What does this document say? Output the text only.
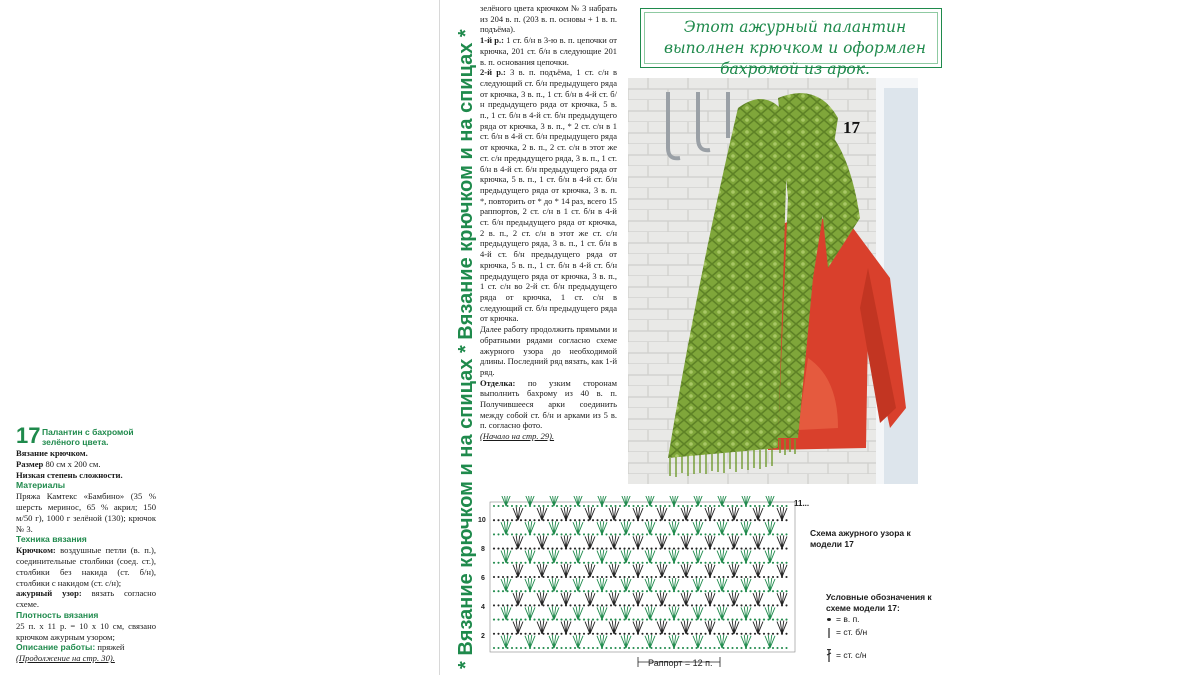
17 Палантин с бахромой зелёного цвета.

Вязание крючком.

Размер 80 см х 200 см.

Низкая степень сложности.

Материалы

Пряжа Камтекс «Бамбино» (35 % шерсть меринос, 65 % акрил; 150 м/50 г), 1000 г зелёной (130); крючок № 3.

Техника вязания

Крючком: воздушные петли (в. п.), соединительные столбики (соед. ст.), столбики без накида (ст. б/н), столбики с накидом (ст. с/н);

ажурный узор: вязать согласно схеме.

Плотность вязания

25 п. х 11 р. = 10 х 10 см, связано крючком ажурным узором;

Описание работы: пряжей

(Продолжение на стр. 30).	* Вязание крючком и на спицах * Вязание крючком и на спицах *

зелёного цвета крючком № 3 набрать из 204 в. п. (203 в. п. основы + 1 в. п. подъёма).

1-й р.: 1 ст. б/н в 3-ю в. п. цепочки от крючка, 201 ст. б/н в следующие 201 в. п. основания цепочки.

2-й р.: 3 в. п. подъёма, 1 ст. с/н в следующий ст. б/н предыдущего ряда от крючка, 3 в. п., 1 ст. б/н в 4-й ст. б/н предыдущего ряда от крючка, 5 в. п., 1 ст. б/н в 4-й ст. б/н предыдущего ряда от крючка, 3 в. п., * 2 ст. с/н в 1 ст. б/н в 4-й ст. б/н предыдущего ряда от крючка, 2 в. п., 2 ст. с/н в этот же ст. с/н предыдущего ряда, 3 в. п., 1 ст. б/н в 4-й ст. б/н предыдущего ряда от крючка, 5 в. п., 1 ст. б/н в 4-й ст. б/н предыдущего ряда от крючка, 3 в. п. *, повторить от * до * 14 раз, всего 15 раппортов, 2 ст. с/н в 1 ст. б/н в 4-й ст. б/н предыдущего ряда от крючка, 2 в. п., 2 ст. с/н в этот же ст. с/н предыдущего ряда, 3 в. п., 1 ст. б/н в 4-й ст. б/н предыдущего ряда от крючка, 5 в. п., 1 ст. б/н в 4-й ст. б/н предыдущего ряда от крючка, 3 в. п., 1 ст. с/н во 2-й ст. б/н предыдущего ряда от крючка, 1 ст. с/н в следующий ст. б/н предыдущего ряда от крючка.

Далее работу продолжить прямыми и обратными рядами согласно схеме ажурного узора до необходимой длины. Последний ряд вязать, как 1-й ряд.

Отделка: по узким сторонам выполнить бахрому из 40 в. п. Получившееся арки соединить между собой ст. б/н и арками из 5 в. п. согласно фото.

(Начало на стр. 29).

Этот ажурный палантин выполнен крючком и оформлен бахромой из арок.
17
11...
10
8
6
4
2
Раппорт = 12 п.
Схема ажурного узора к модели 17
Условные обозначения к схеме модели 17:
= в. п.
= ст. б/н
= ст. с/н
